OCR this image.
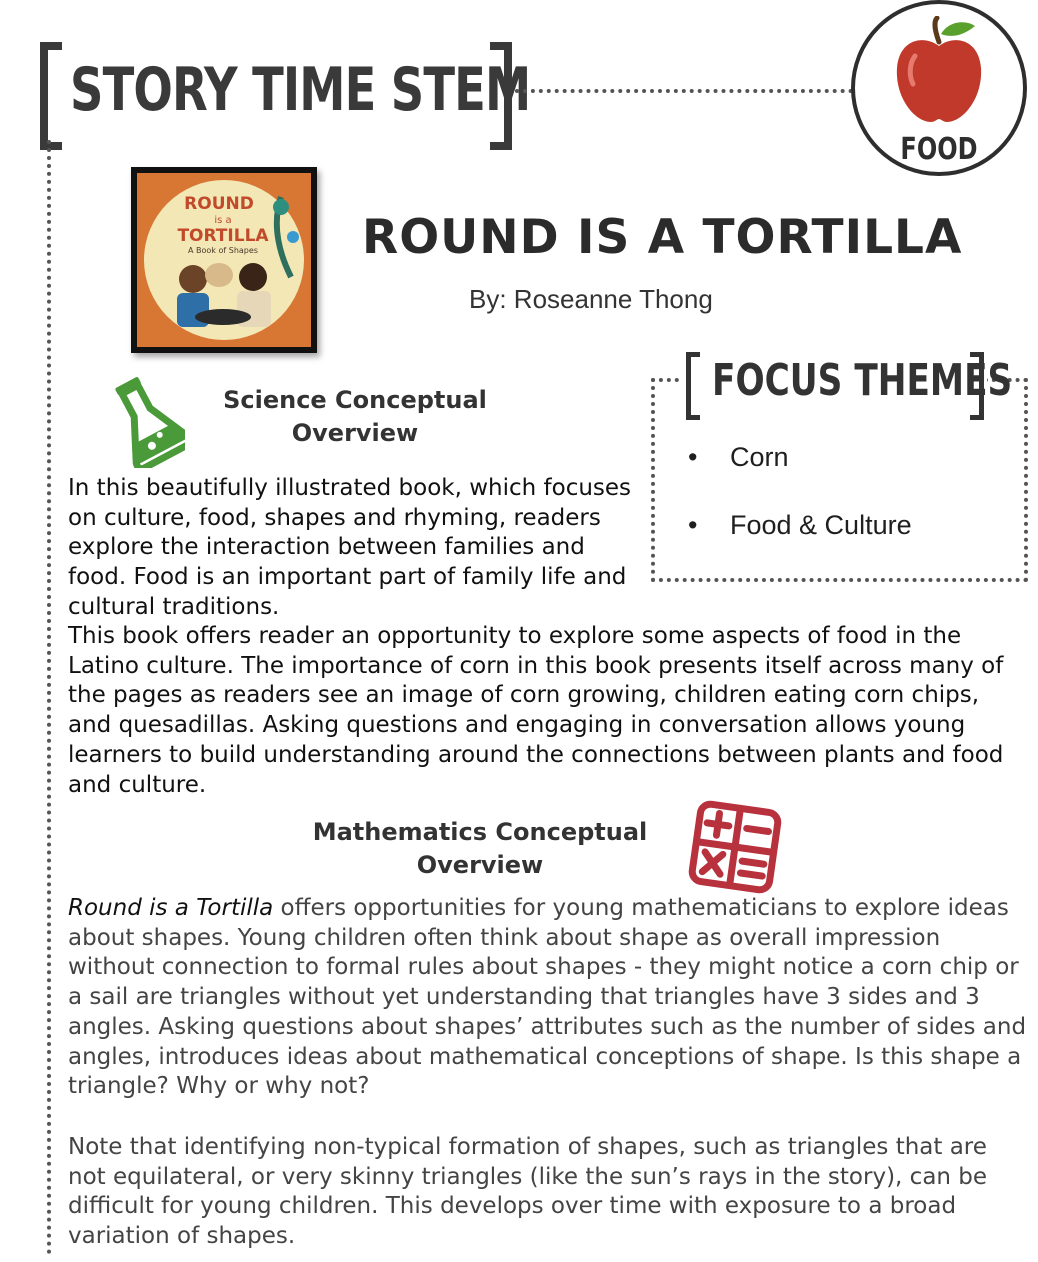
STORY TIME STEM
FOOD
ROUND
is a
TORTILLA
A Book of Shapes ROUND IS A TORTILLA
By: Roseanne Thong
Science Conceptual Overview
In this beautifully illustrated book, which focuses on culture, food, shapes and rhyming, readers explore the interaction between families and food. Food is an important part of family life and cultural traditions.
This book offers reader an opportunity to explore some aspects of food in the Latino culture. The importance of corn in this book presents itself across many of the pages as readers see an image of corn growing, children eating corn chips, and quesadillas. Asking questions and engaging in conversation allows young learners to build understanding around the connections between plants and food and culture.
FOCUS THEMES
• Corn
• Food & Culture
Mathematics Conceptual Overview
Round is a Tortilla offers opportunities for young mathematicians to explore ideas about shapes. Young children often think about shape as overall impression without connection to formal rules about shapes - they might notice a corn chip or a sail are triangles without yet understanding that triangles have 3 sides and 3 angles. Asking questions about shapes’ attributes such as the number of sides and angles, introduces ideas about mathematical conceptions of shape. Is this shape a triangle? Why or why not?
Note that identifying non-typical formation of shapes, such as triangles that are not equilateral, or very skinny triangles (like the sun’s rays in the story), can be difficult for young children. This develops over time with exposure to a broad variation of shapes.
